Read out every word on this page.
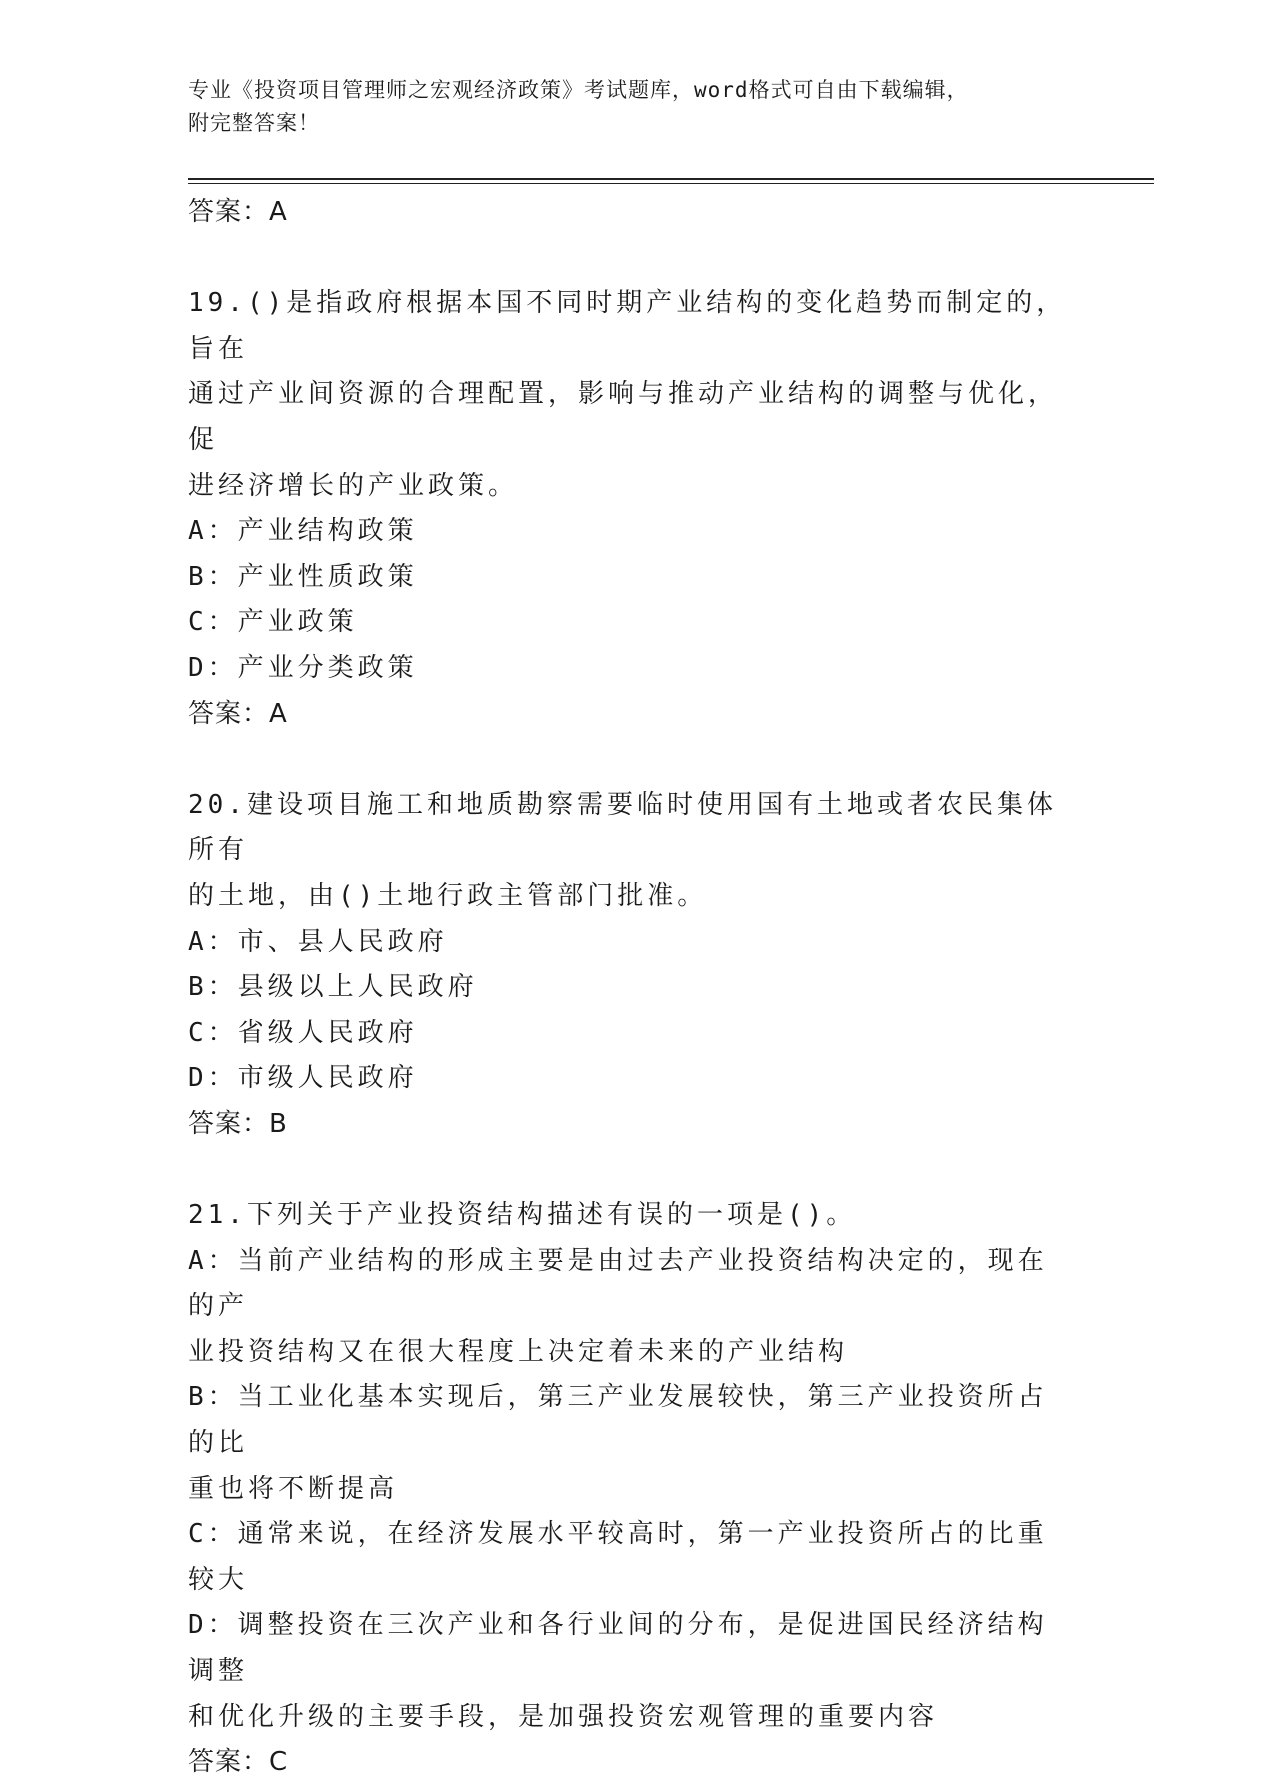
专业《投资项目管理师之宏观经济政策》考试题库，word格式可自由下载编辑，
附完整答案！
答案：A
19.()是指政府根据本国不同时期产业结构的变化趋势而制定的，旨在
通过产业间资源的合理配置，影响与推动产业结构的调整与优化，促
进经济增长的产业政策。
A：产业结构政策
B：产业性质政策
C：产业政策
D：产业分类政策
答案：A
20.建设项目施工和地质勘察需要临时使用国有土地或者农民集体所有
的土地，由()土地行政主管部门批准。
A：市、县人民政府
B：县级以上人民政府
C：省级人民政府
D：市级人民政府
答案：B
21.下列关于产业投资结构描述有误的一项是()。
A：当前产业结构的形成主要是由过去产业投资结构决定的，现在的产
业投资结构又在很大程度上决定着未来的产业结构
B：当工业化基本实现后，第三产业发展较快，第三产业投资所占的比
重也将不断提高
C：通常来说，在经济发展水平较高时，第一产业投资所占的比重较大
D：调整投资在三次产业和各行业间的分布，是促进国民经济结构调整
和优化升级的主要手段，是加强投资宏观管理的重要内容
答案：C
